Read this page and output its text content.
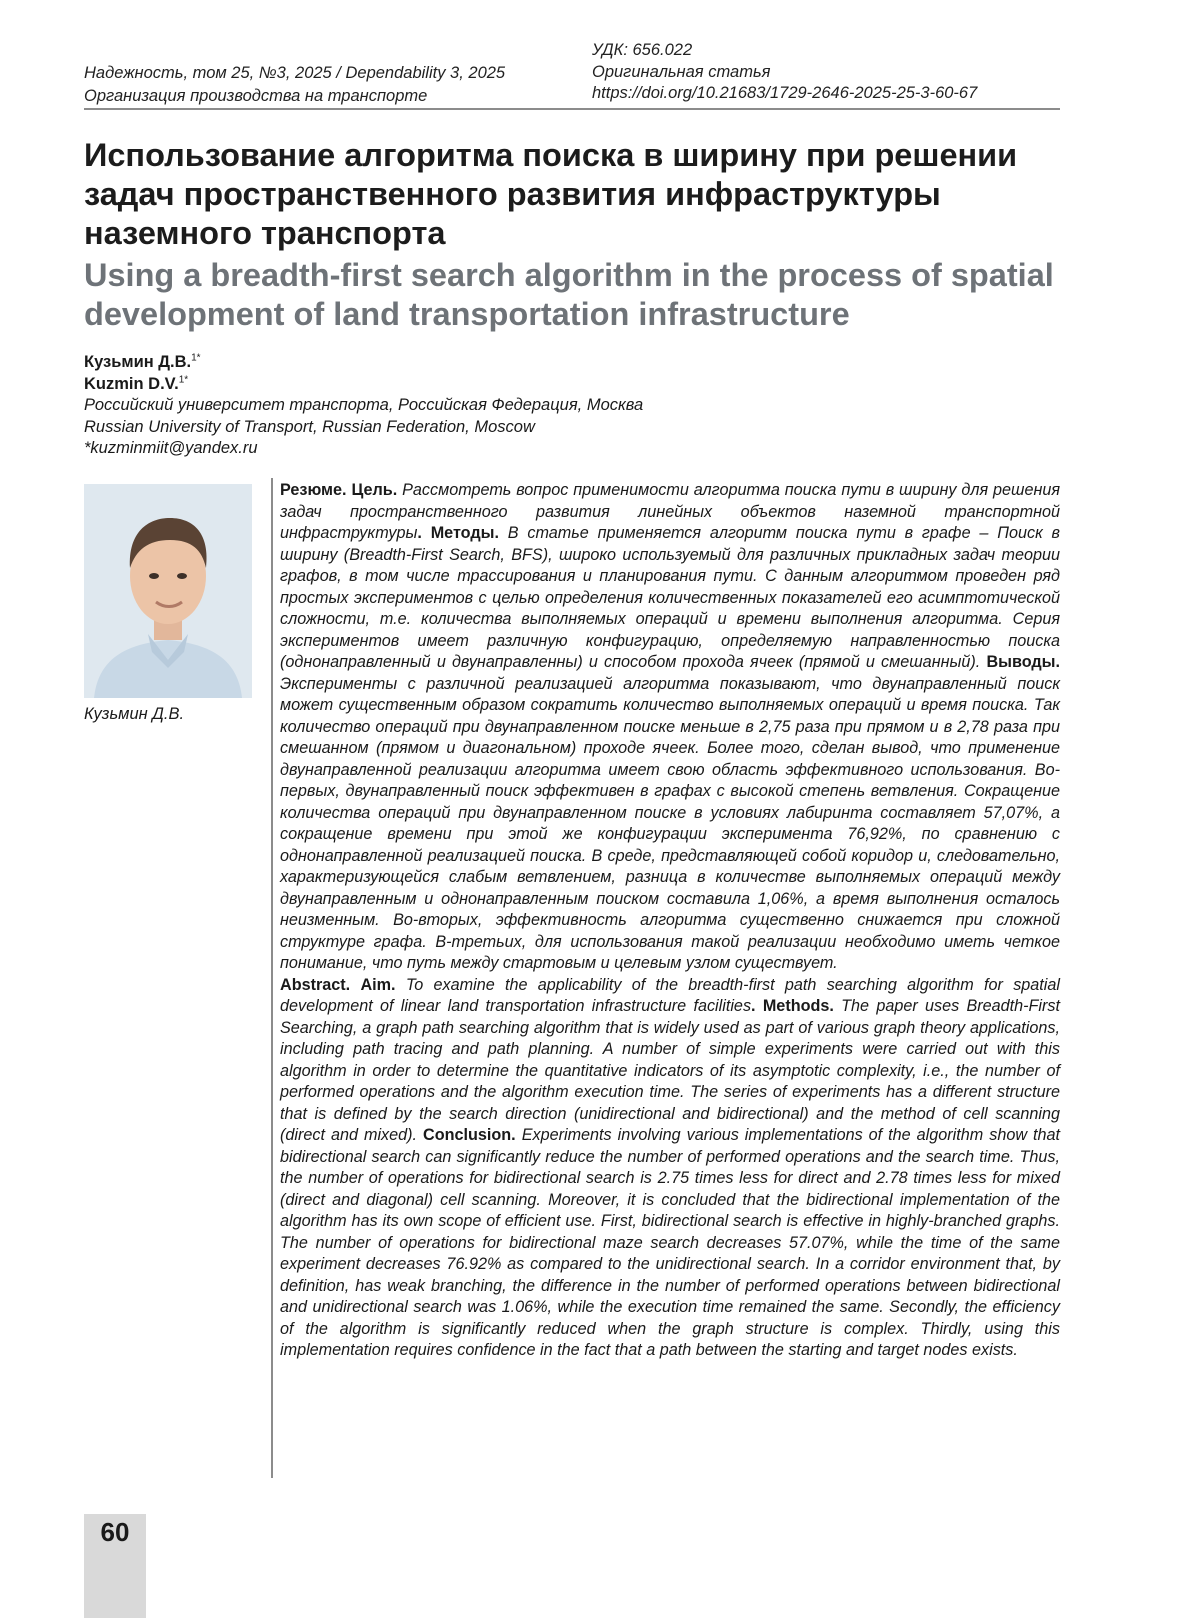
Надежность, том 25, №3, 2025 / Dependability 3, 2025
Организация производства на транспорте
УДК: 656.022
Оригинальная статья
https://doi.org/10.21683/1729-2646-2025-25-3-60-67
Использование алгоритма поиска в ширину при решении задач пространственного развития инфраструктуры наземного транспорта
Using a breadth-first search algorithm in the process of spatial development of land transportation infrastructure
Кузьмин Д.В.$^{1*}$
Kuzmin D.V.$^{1*}$
Российский университет транспорта, Российская Федерация, Москва
Russian University of Transport, Russian Federation, Moscow
*kuzminmiit@yandex.ru
Кузьмин Д.В.

Резюме. Цель. Рассмотреть вопрос применимости алгоритма поиска пути в ширину для решения задач пространственного развития линейных объектов наземной транспортной инфраструктуры. Методы. В статье применяется алгоритм поиска пути в графе – Поиск в ширину (Breadth-First Search, BFS), широко используемый для различных прикладных задач теории графов, в том числе трассирования и планирования пути. С данным алгоритмом проведен ряд простых экспериментов с целью определения количественных показателей его асимптотической сложности, т.е. количества выполняемых операций и времени выполнения алгоритма. Серия экспериментов имеет различную конфигурацию, определяемую направленностью поиска (однонаправленный и двунаправленны) и способом прохода ячеек (прямой и смешанный). Выводы. Эксперименты с различной реализацией алгоритма показывают, что двунаправленный поиск может существенным образом сократить количество выполняемых операций и время поиска. Так количество операций при двунаправленном поиске меньше в 2,75 раза при прямом и в 2,78 раза при смешанном (прямом и диагональном) проходе ячеек. Более того, сделан вывод, что применение двунаправленной реализации алгоритма имеет свою область эффективного использования. Во-первых, двунаправленный поиск эффективен в графах с высокой степень ветвления. Сокращение количества операций при двунаправленном поиске в условиях лабиринта составляет 57,07%, а сокращение времени при этой же конфигурации эксперимента 76,92%, по сравнению с однонаправленной реализацией поиска. В среде, представляющей собой коридор и, следовательно, характеризующейся слабым ветвлением, разница в количестве выполняемых операций между двунаправленным и однонаправленным поиском составила 1,06%, а время выполнения осталось неизменным. Во-вторых, эффективность алгоритма существенно снижается при сложной структуре графа. В-третьих, для использования такой реализации необходимо иметь четкое понимание, что путь между стартовым и целевым узлом существует.

Abstract. Aim. To examine the applicability of the breadth-first path searching algorithm for spatial development of linear land transportation infrastructure facilities. Methods. The paper uses Breadth-First Searching, a graph path searching algorithm that is widely used as part of various graph theory applications, including path tracing and path planning. A number of simple experiments were carried out with this algorithm in order to determine the quantitative indicators of its asymptotic complexity, i.e., the number of performed operations and the algorithm execution time. The series of experiments has a different structure that is defined by the search direction (unidirectional and bidirectional) and the method of cell scanning (direct and mixed). Conclusion. Experiments involving various implementations of the algorithm show that bidirectional search can significantly reduce the number of performed operations and the search time. Thus, the number of operations for bidirectional search is 2.75 times less for direct and 2.78 times less for mixed (direct and diagonal) cell scanning. Moreover, it is concluded that the bidirectional implementation of the algorithm has its own scope of efficient use. First, bidirectional search is effective in highly-branched graphs. The number of operations for bidirectional maze search decreases 57.07%, while the time of the same experiment decreases 76.92% as compared to the unidirectional search. In a corridor environment that, by definition, has weak branching, the difference in the number of performed operations between bidirectional and unidirectional search was 1.06%, while the execution time remained the same. Secondly, the efficiency of the algorithm is significantly reduced when the graph structure is complex. Thirdly, using this implementation requires confidence in the fact that a path between the starting and target nodes exists.

60
